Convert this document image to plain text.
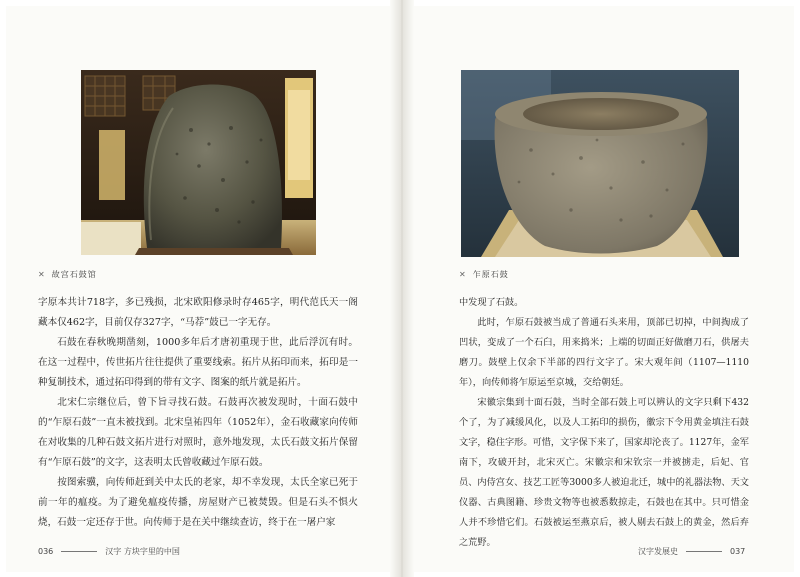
✕ 故宫石鼓馆

字原本共计718字，多已残损，北宋欧阳修录时存465字，明代范氏天一阁藏本仅462字，目前仅存327字，“马荐”鼓已一字无存。

石鼓在春秋晚期凿刻，1000多年后才唐初重现于世，此后浮沉有时。在这一过程中，传世拓片往往提供了重要线索。拓片从拓印而来，拓印是一种复制技术，通过拓印得到的带有文字、图案的纸片就是拓片。

北宋仁宗继位后，曾下旨寻找石鼓。石鼓再次被发现时，十面石鼓中的“乍原石鼓”一直未被找到。北宋皇祐四年（1052年），金石收藏家向传师在对收集的几种石鼓文拓片进行对照时，意外地发现，太氏石鼓文拓片保留有“乍原石鼓”的文字，这表明太氏曾收藏过乍原石鼓。

按图索骥，向传师赶到关中太氏的老家，却不幸发现，太氏全家已死于前一年的瘟疫。为了避免瘟疫传播，房屋财产已被焚毁。但是石头不惧火烧，石鼓一定还存于世。向传师于是在关中继续查访，终于在一屠户家

036	汉字 方块字里的中国
✕ 乍原石鼓

中发现了石鼓。

此时，乍原石鼓被当成了普通石头来用，顶部已切掉，中间掏成了凹状，变成了一个石臼，用来捣米；上端的切面正好做磨刀石，供屠夫磨刀。鼓壁上仅余下半部的四行文字了。宋大观年间（1107—1110年），向传师将乍原运至京城，交给朝廷。

宋徽宗集到十面石鼓，当时全部石鼓上可以辨认的文字只剩下432个了，为了减缓风化，以及人工拓印的损伤，徽宗下令用黄金填注石鼓文字，稳住字形。可惜，文字保下来了，国家却沦丧了。1127年，金军南下，攻破开封，北宋灭亡。宋徽宗和宋钦宗一并被掳走，后妃、官员、内侍宫女、技艺工匠等3000多人被迫北迁，城中的礼器法物、天文仪器、古典图籍、珍贵文物等也被悉数掠走，石鼓也在其中。只可惜金人并不珍惜它们。石鼓被运至燕京后，被人剔去石鼓上的黄金，然后弃之荒野。

汉字发展史	037
